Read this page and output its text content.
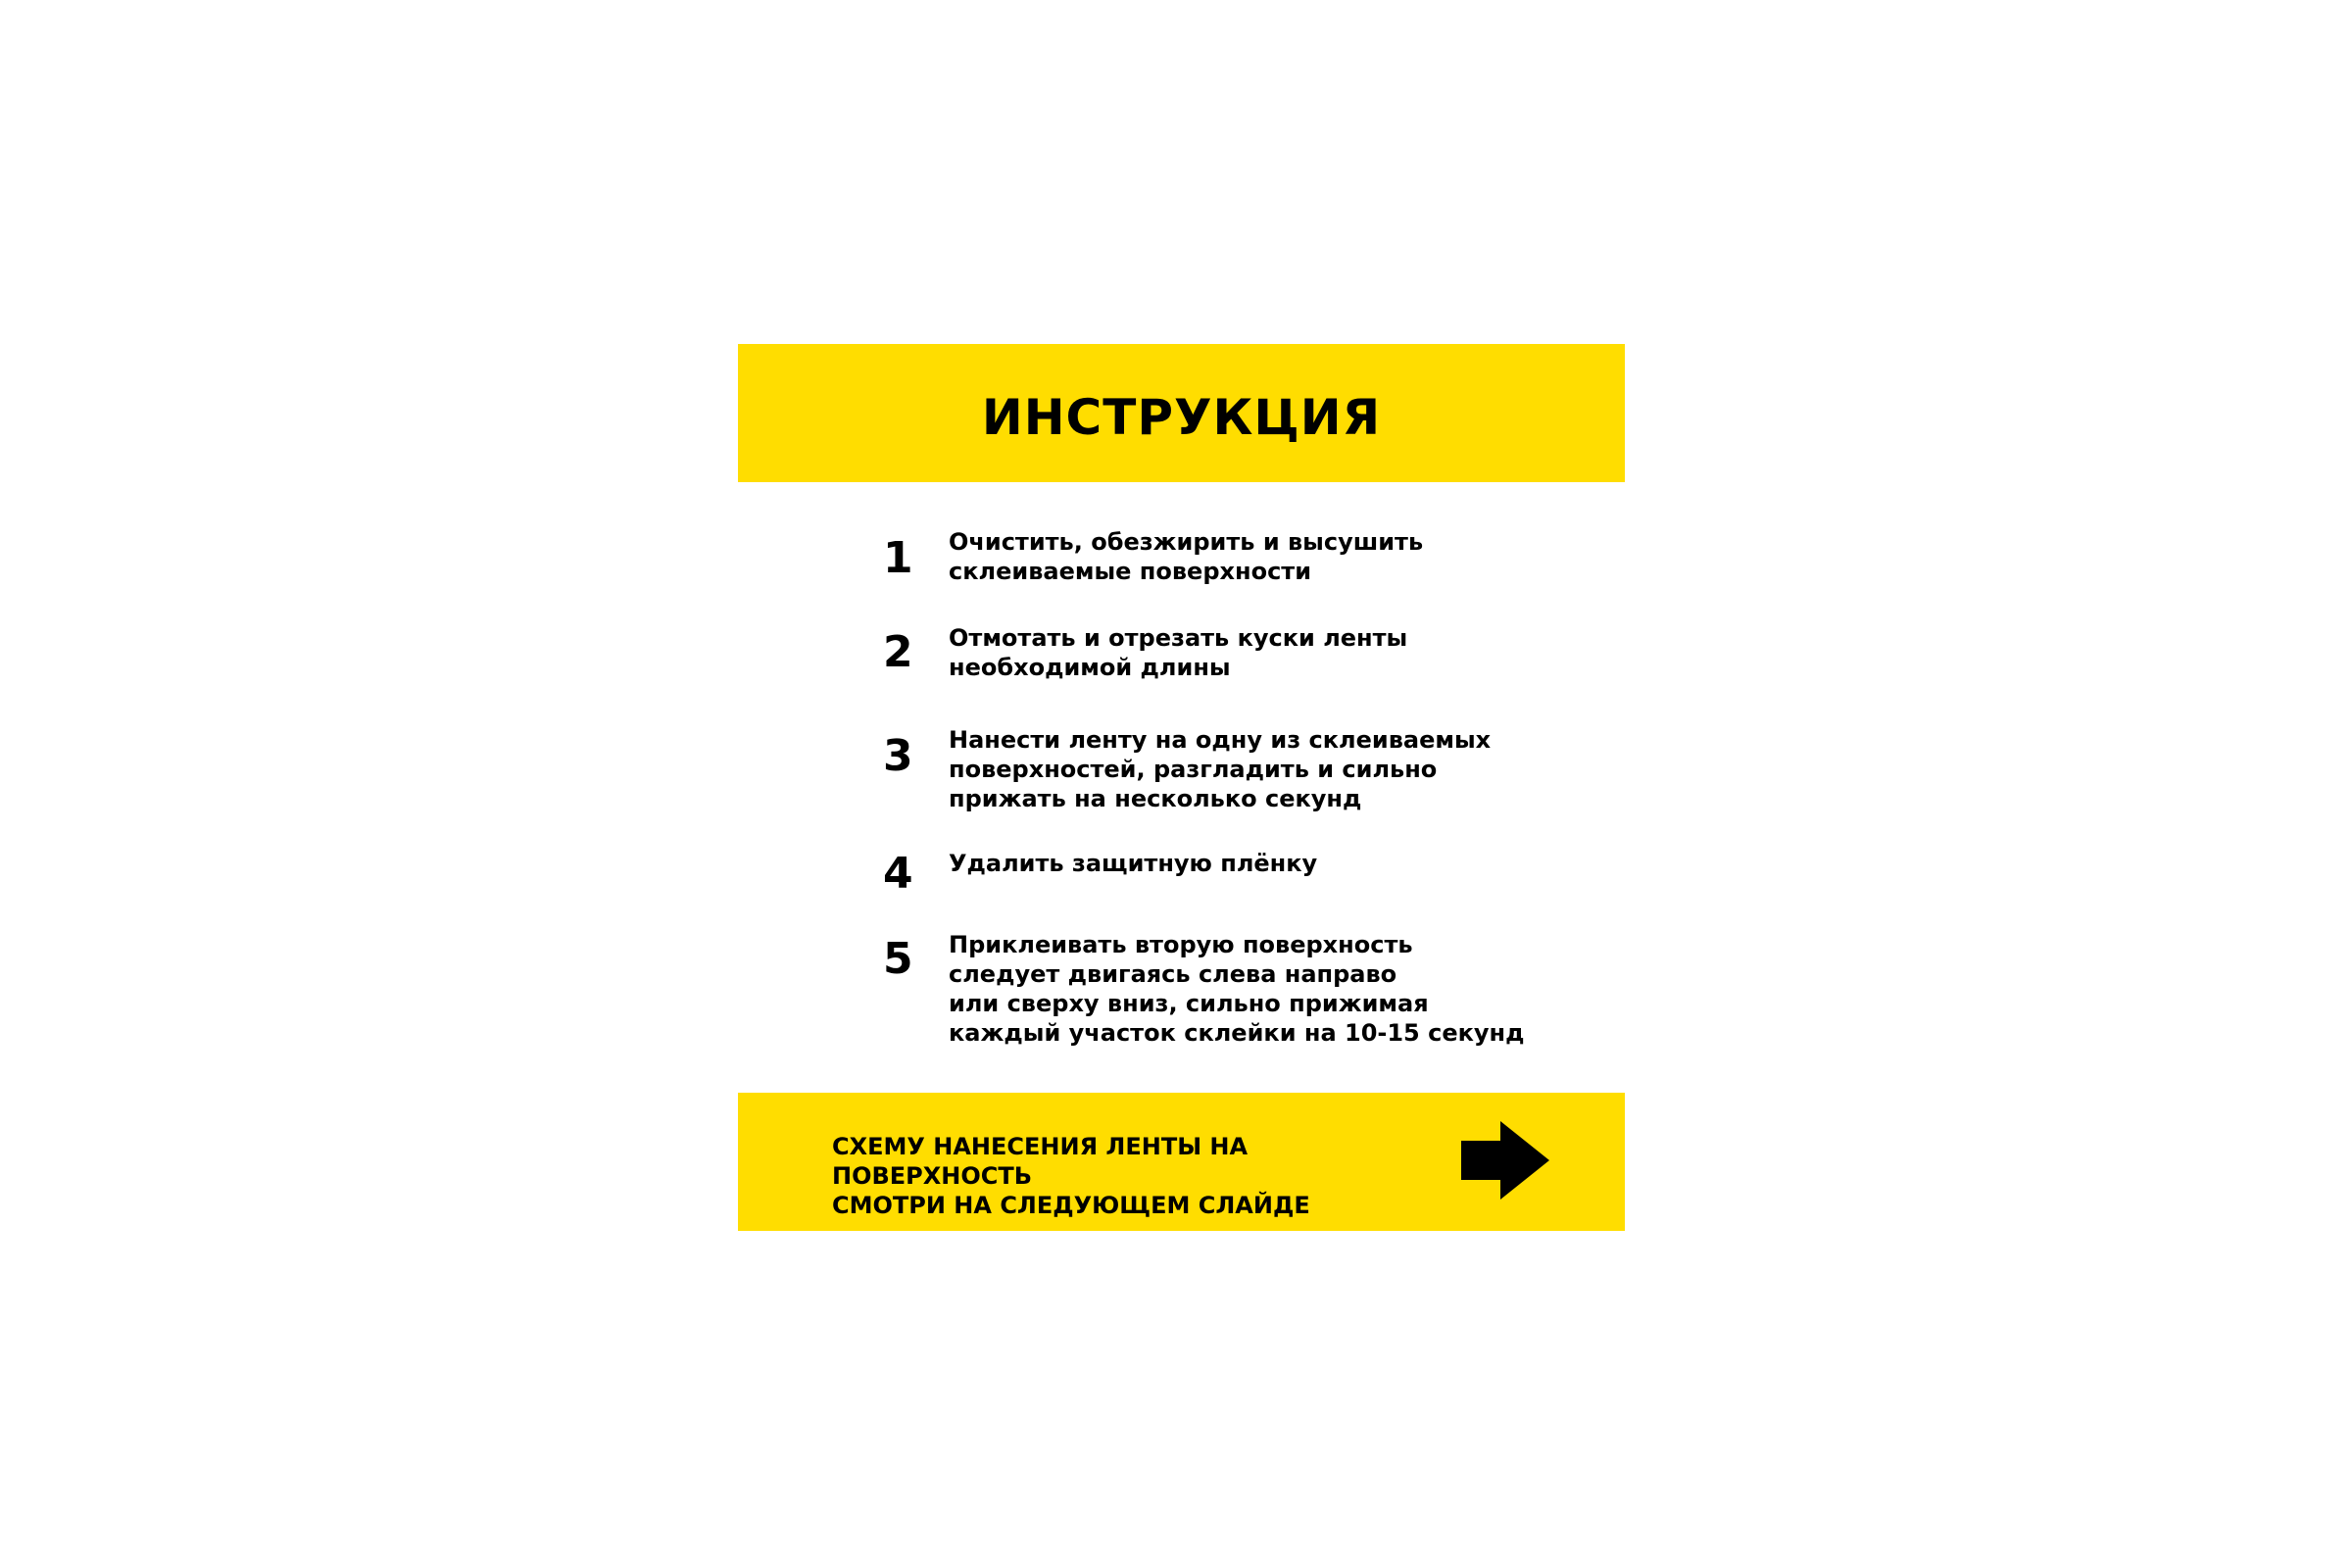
ИНСТРУКЦИЯ
1	Очистить, обезжирить и высушить
склеиваемые поверхности
2	Отмотать и отрезать куски ленты
необходимой длины
3	Нанести ленту на одну из склеиваемых
поверхностей, разгладить и сильно
прижать на несколько секунд
4	Удалить защитную плёнку
5	Приклеивать вторую поверхность
следует двигаясь слева направо
или сверху вниз, сильно прижимая
каждый участок склейки на 10-15 секунд
СХЕМУ НАНЕСЕНИЯ ЛЕНТЫ НА ПОВЕРХНОСТЬ
СМОТРИ НА СЛЕДУЮЩЕМ СЛАЙДЕ
